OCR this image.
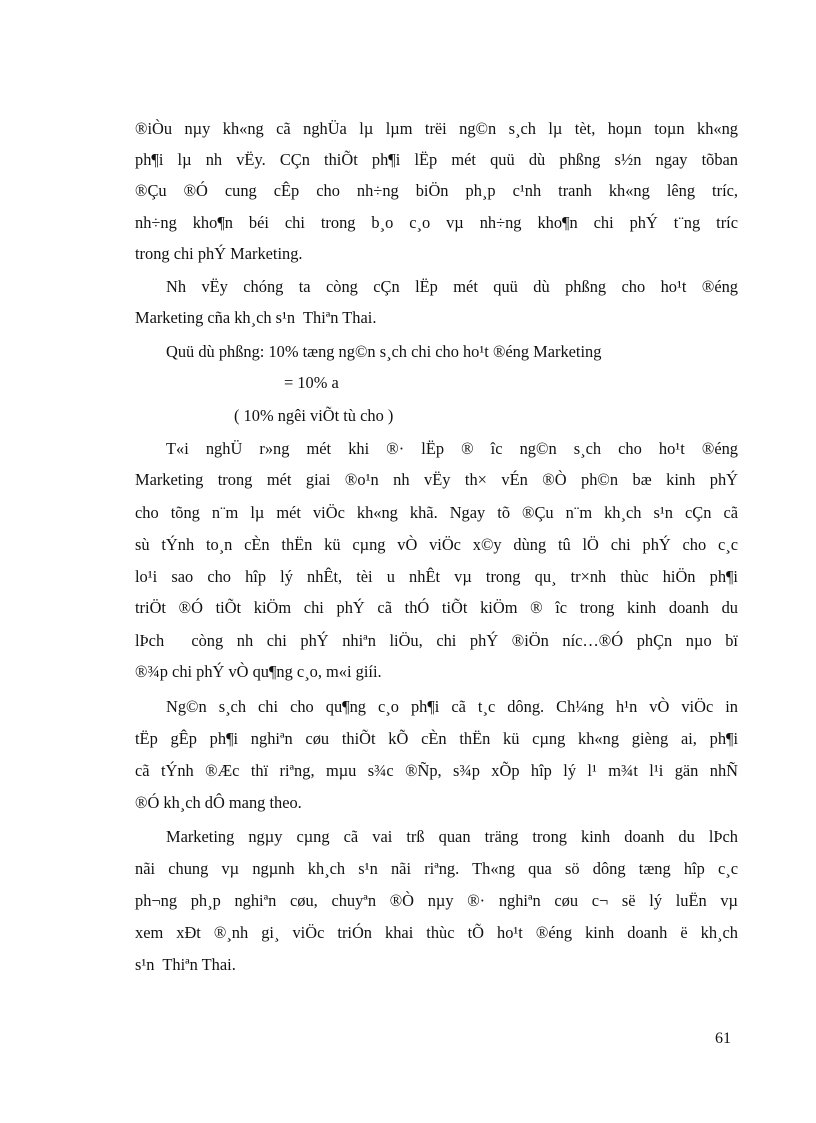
®iÒu nµy kh«ng cã nghÜa lµ lµm trëi ng©n s¸ch lµ tèt, hoµn toµn kh«ng
ph¶i lµ nh vËy. CÇn thiÕt ph¶i lËp mét quü dù phßng s½n ngay tõban
®Çu ®Ó cung cÊp cho nh÷ng biÖn ph¸p c¹nh tranh kh«ng lêng tríc,
nh÷ng kho¶n béi chi trong b¸o c¸o vµ nh÷ng kho¶n chi phÝ t¨ng tríc
trong chi phÝ Marketing.
Nh vËy chóng ta còng cÇn lËp mét quü dù phßng cho ho¹t ®éng
Marketing cña kh¸ch s¹n  Thiªn Thai.
Quü dù phßng: 10% tæng ng©n s¸ch chi cho ho¹t ®éng Marketing
= 10% a
( 10% ngêi viÕt tù cho )
T«i nghÜ r»ng mét khi ®· lËp ® îc ng©n s¸ch cho ho¹t ®éng
Marketing trong mét giai ®o¹n nh vËy th× vÉn ®Ò ph©n bæ kinh phÝ
cho tõng n¨m lµ mét viÖc kh«ng khã. Ngay tõ ®Çu n¨m kh¸ch s¹n cÇn cã
sù tÝnh to¸n cÈn thËn kü cµng vÒ viÖc x©y dùng tû lÖ chi phÝ cho c¸c
lo¹i sao cho hîp lý nhÊt, tèi u nhÊt vµ trong qu¸ tr×nh thùc hiÖn ph¶i
triÖt ®Ó tiÕt kiÖm chi phÝ cã thÓ tiÕt kiÖm ® îc trong kinh doanh du
lÞch  còng nh chi phÝ nhiªn liÖu, chi phÝ ®iÖn níc…®Ó phÇn nµo bï
®¾p chi phÝ vÒ qu¶ng c¸o, m«i giíi.
Ng©n s¸ch chi cho qu¶ng c¸o ph¶i cã t¸c dông. Ch¼ng h¹n vÒ viÖc in
tËp gÊp ph¶i nghiªn cøu thiÕt kÕ cÈn thËn kü cµng kh«ng gièng ai, ph¶i
cã tÝnh ®Æc thï riªng, mµu s¾c ®Ñp, s¾p xÕp hîp lý l¹ m¾t l¹i gän nhÑ
®Ó kh¸ch dÔ mang theo.
Marketing ngµy cµng cã vai trß quan träng trong kinh doanh du lÞch
nãi chung vµ ngµnh kh¸ch s¹n nãi riªng. Th«ng qua sö dông tæng hîp c¸c
ph¬ng ph¸p nghiªn cøu, chuyªn ®Ò nµy ®· nghiªn cøu c¬ së lý luËn vµ
xem xÐt ®¸nh gi¸ viÖc triÓn khai thùc tÕ ho¹t ®éng kinh doanh ë kh¸ch
s¹n  Thiªn Thai.
61
